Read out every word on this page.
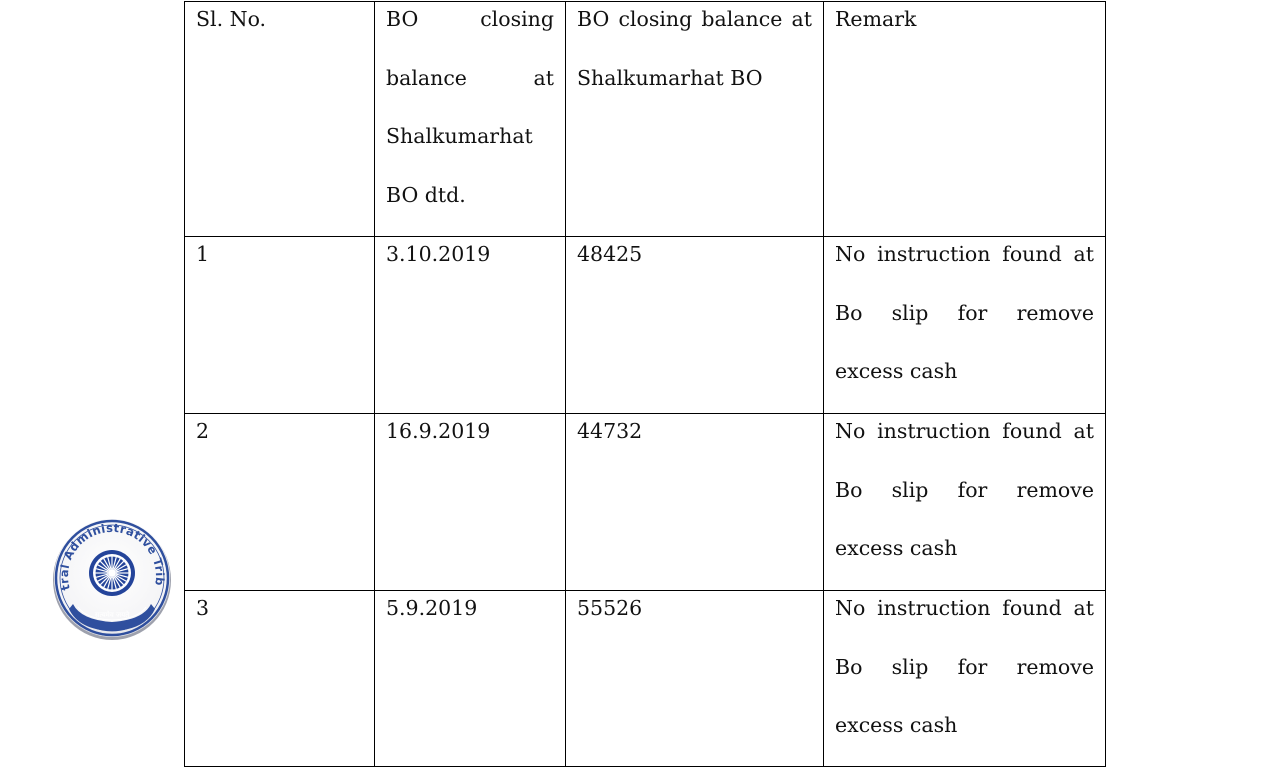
Sl. No.	BO closing balance at Shalkumarhat BO dtd.	BO closing balance at Shalkumarhat BO	Remark

1	3.10.2019	48425	No instruction found at Bo slip for remove excess cash

2	16.9.2019	44732	No instruction found at Bo slip for remove excess cash

3	5.9.2019	55526	No instruction found at Bo slip for remove excess cash
tral Administrative Trib
सत्यमेव जयते
